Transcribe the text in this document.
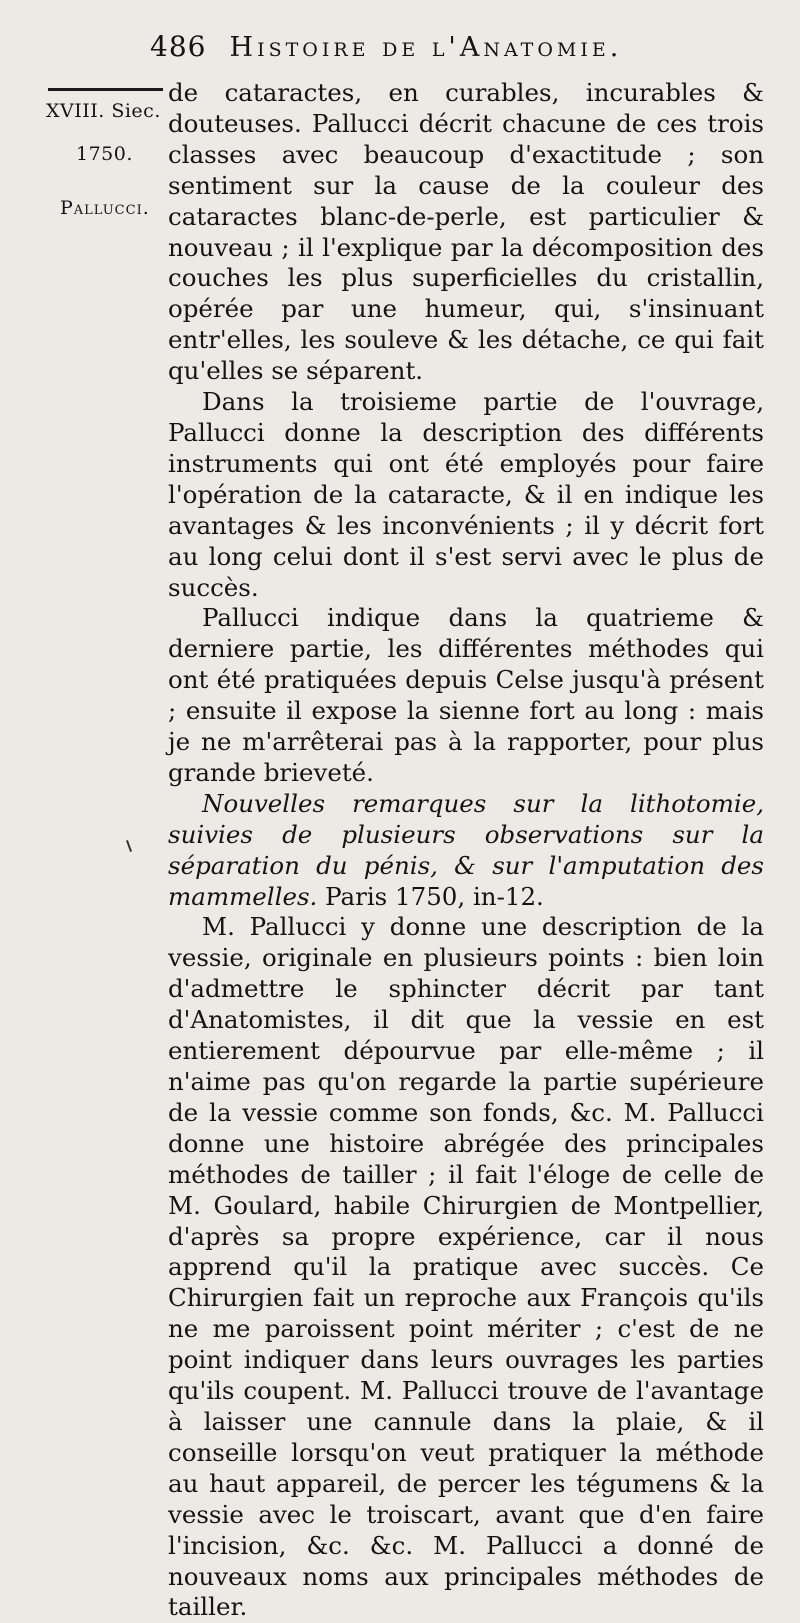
486 Histoire de l'Anatomie.
XVIII. Siec.
1750.
Pallucci.

de cataractes, en curables, incurables & douteuses. Pallucci décrit chacune de ces trois classes avec beaucoup d'exactitude ; son sentiment sur la cause de la couleur des cataractes blanc-de-perle, est particulier & nouveau ; il l'explique par la décomposition des couches les plus superficielles du cristallin, opérée par une humeur, qui, s'insinuant entr'elles, les souleve & les détache, ce qui fait qu'elles se séparent.

Dans la troisieme partie de l'ouvrage, Pallucci donne la description des différents instruments qui ont été employés pour faire l'opération de la cataracte, & il en indique les avantages & les inconvénients ; il y décrit fort au long celui dont il s'est servi avec le plus de succès.

Pallucci indique dans la quatrieme & derniere partie, les différentes méthodes qui ont été pratiquées depuis Celse jusqu'à présent ; ensuite il expose la sienne fort au long : mais je ne m'arrêterai pas à la rapporter, pour plus grande brieveté.

Nouvelles remarques sur la lithotomie, suivies de plusieurs observations sur la séparation du pénis, & sur l'amputation des mammelles. Paris 1750, in-12.

M. Pallucci y donne une description de la vessie, originale en plusieurs points : bien loin d'admettre le sphincter décrit par tant d'Anatomistes, il dit que la vessie en est entierement dépourvue par elle-même ; il n'aime pas qu'on regarde la partie supérieure de la vessie comme son fonds, &c. M. Pallucci donne une histoire abrégée des principales méthodes de tailler ; il fait l'éloge de celle de M. Goulard, habile Chirurgien de Montpellier, d'après sa propre expérience, car il nous apprend qu'il la pratique avec succès. Ce Chirurgien fait un reproche aux François qu'ils ne me paroissent point mériter ; c'est de ne point indiquer dans leurs ouvrages les parties qu'ils coupent. M. Pallucci trouve de l'avantage à laisser une cannule dans la plaie, & il conseille lorsqu'on veut pratiquer la méthode au haut appareil, de percer les tégumens & la vessie avec le troiscart, avant que d'en faire l'incision, &c. &c. M. Pallucci a donné de nouveaux noms aux principales méthodes de tailler.
